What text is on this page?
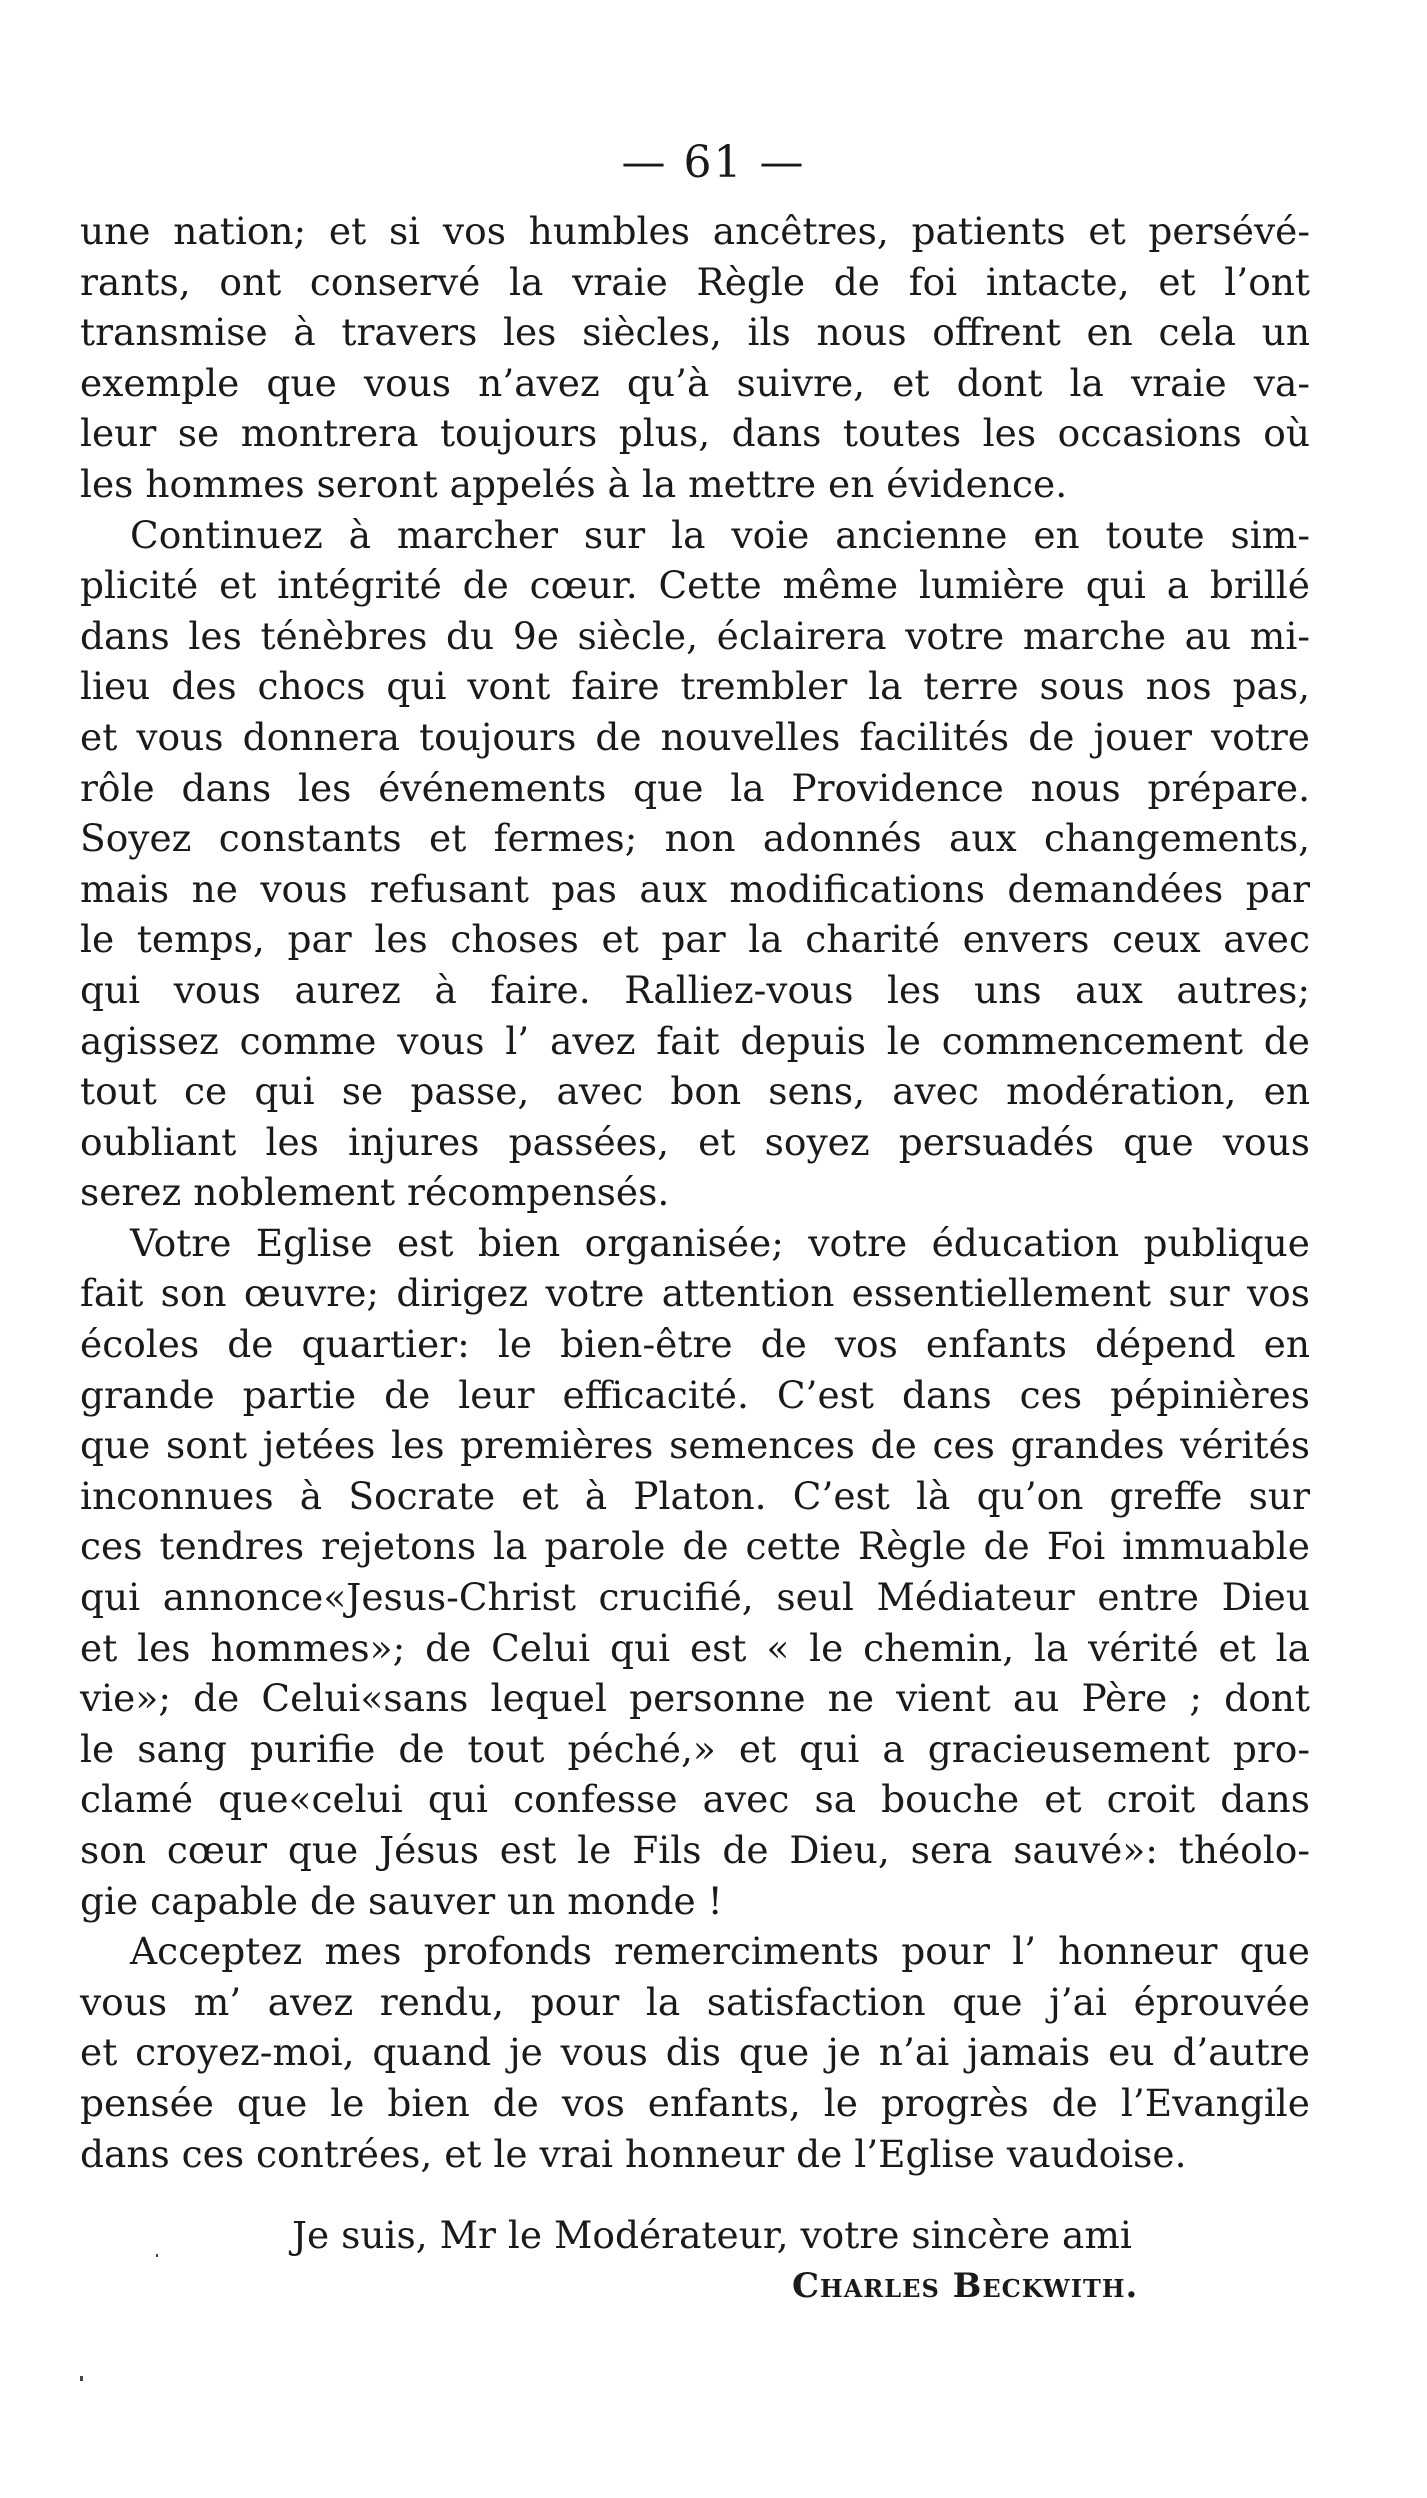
— 61 —
une nation; et si vos humbles ancêtres, patients et persévé-
rants, ont conservé la vraie Règle de foi intacte, et l’ont
transmise à travers les siècles, ils nous offrent en cela un
exemple que vous n’avez qu’à suivre, et dont la vraie va-
leur se montrera toujours plus, dans toutes les occasions où
les hommes seront appelés à la mettre en évidence.
Continuez à marcher sur la voie ancienne en toute sim-
plicité et intégrité de cœur. Cette même lumière qui a brillé
dans les ténèbres du 9e siècle, éclairera votre marche au mi-
lieu des chocs qui vont faire trembler la terre sous nos pas,
et vous donnera toujours de nouvelles facilités de jouer votre
rôle dans les événements que la Providence nous prépare.
Soyez constants et fermes; non adonnés aux changements,
mais ne vous refusant pas aux modifications demandées par
le temps, par les choses et par la charité envers ceux avec
qui vous aurez à faire. Ralliez-vous les uns aux autres;
agissez comme vous l’ avez fait depuis le commencement de
tout ce qui se passe, avec bon sens, avec modération, en
oubliant les injures passées, et soyez persuadés que vous
serez noblement récompensés.
Votre Eglise est bien organisée; votre éducation publique
fait son œuvre; dirigez votre attention essentiellement sur vos
écoles de quartier: le bien-être de vos enfants dépend en
grande partie de leur efficacité. C’est dans ces pépinières
que sont jetées les premières semences de ces grandes vérités
inconnues à Socrate et à Platon. C’est là qu’on greffe sur
ces tendres rejetons la parole de cette Règle de Foi immuable
qui annonce«Jesus-Christ crucifié, seul Médiateur entre Dieu
et les hommes»; de Celui qui est « le chemin, la vérité et la
vie»; de Celui«sans lequel personne ne vient au Père ; dont
le sang purifie de tout péché,» et qui a gracieusement pro-
clamé que«celui qui confesse avec sa bouche et croit dans
son cœur que Jésus est le Fils de Dieu, sera sauvé»: théolo-
gie capable de sauver un monde !
Acceptez mes profonds remerciments pour l’ honneur que
vous m’ avez rendu, pour la satisfaction que j’ai éprouvée
et croyez-moi, quand je vous dis que je n’ai jamais eu d’autre
pensée que le bien de vos enfants, le progrès de l’Evangile
dans ces contrées, et le vrai honneur de l’Eglise vaudoise.
Je suis, Mr le Modérateur, votre sincère ami
Charles Beckwith.
